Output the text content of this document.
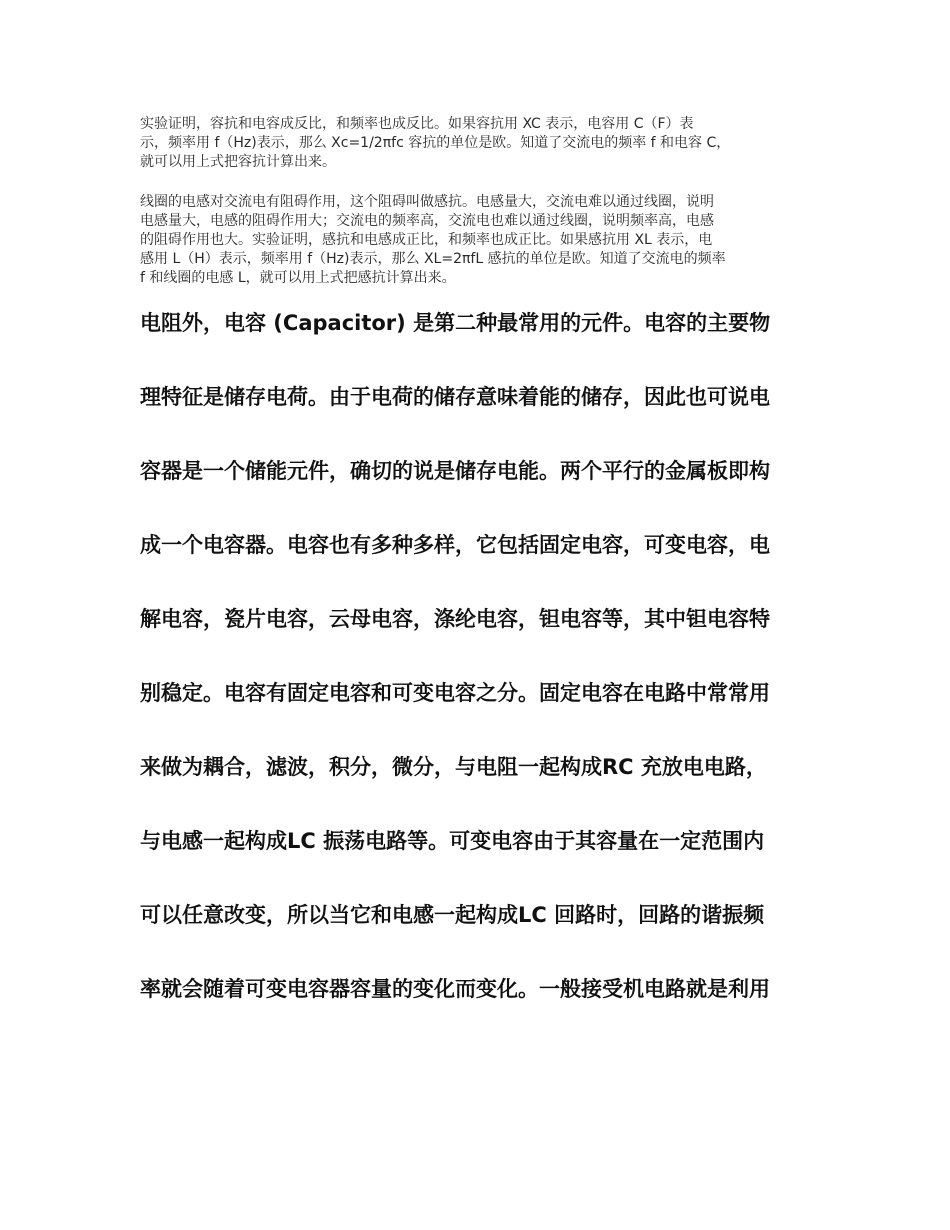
实验证明，容抗和电容成反比，和频率也成反比。如果容抗用 XC 表示，电容用 C（F）表
示，频率用 f（Hz)表示，那么 Xc=1/2πfc 容抗的单位是欧。知道了交流电的频率 f 和电容 C，
就可以用上式把容抗计算出来。
线圈的电感对交流电有阻碍作用，这个阻碍叫做感抗。电感量大，交流电难以通过线圈，说明
电感量大，电感的阻碍作用大；交流电的频率高，交流电也难以通过线圈，说明频率高，电感
的阻碍作用也大。实验证明，感抗和电感成正比，和频率也成正比。如果感抗用 XL 表示，电
感用 L（H）表示，频率用 f（Hz)表示，那么 XL=2πfL 感抗的单位是欧。知道了交流电的频率
f 和线圈的电感 L，就可以用上式把感抗计算出来。
电阻外，电容 (Capacitor) 是第二种最常用的元件。电容的主要物
理特征是储存电荷。由于电荷的储存意味着能的储存，因此也可说电
容器是一个储能元件，确切的说是储存电能。两个平行的金属板即构
成一个电容器。电容也有多种多样，它包括固定电容，可变电容，电
解电容，瓷片电容，云母电容，涤纶电容，钽电容等，其中钽电容特
别稳定。电容有固定电容和可变电容之分。固定电容在电路中常常用
来做为耦合，滤波，积分，微分，与电阻一起构成RC 充放电电路，
与电感一起构成LC 振荡电路等。可变电容由于其容量在一定范围内
可以任意改变，所以当它和电感一起构成LC 回路时，回路的谐振频
率就会随着可变电容器容量的变化而变化。一般接受机电路就是利用
